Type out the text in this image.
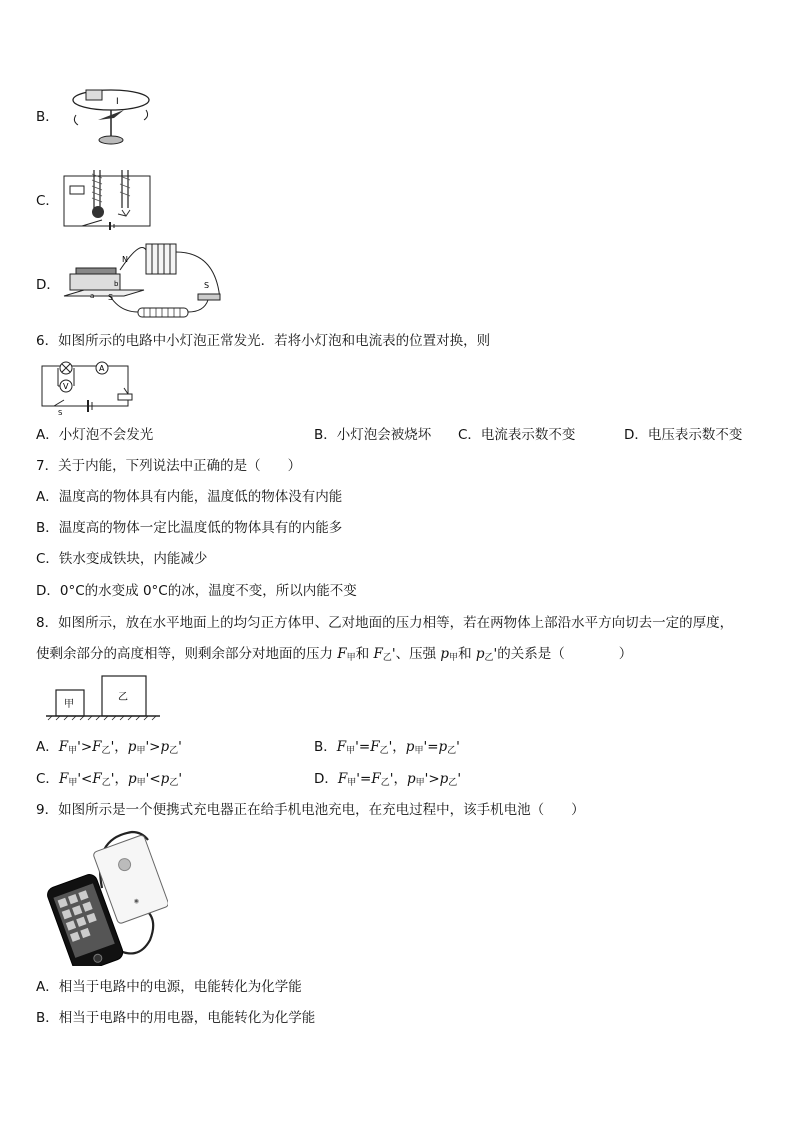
B．
I
C．
D．
N
S
S
a
b
6．如图所示的电路中小灯泡正常发光．若将小灯泡和电流表的位置对换，则
A
V
S
A．小灯泡不会发光	B．小灯泡会被烧坏 C．电流表示数不变	D．电压表示数不变
7．关于内能，下列说法中正确的是（　　）
A．温度高的物体具有内能，温度低的物体没有内能
B．温度高的物体一定比温度低的物体具有的内能多
C．铁水变成铁块，内能减少
D．0°C的水变成 0°C的冰，温度不变，所以内能不变
8．如图所示，放在水平地面上的均匀正方体甲、乙对地面的压力相等，若在两物体上部沿水平方向切去一定的厚度，
使剩余部分的高度相等，则剩余部分对地面的压力 $F_甲$和 $F_乙'$、压强 $p_甲$和 $p_乙'$的关系是（　　　　）
甲
乙
A．$F_甲'>F_乙'$，$p_甲'>p_乙'$	B．$F_甲'=F_乙'$，$p_甲'=p_乙'$
C．$F_甲'<F_乙'$，$p_甲'<p_乙'$	D．$F_甲'=F_乙'$，$p_甲'>p_乙'$
9．如图所示是一个便携式充电器正在给手机电池充电，在充电过程中，该手机电池（　　）
◉
A．相当于电路中的电源，电能转化为化学能
B．相当于电路中的用电器，电能转化为化学能
